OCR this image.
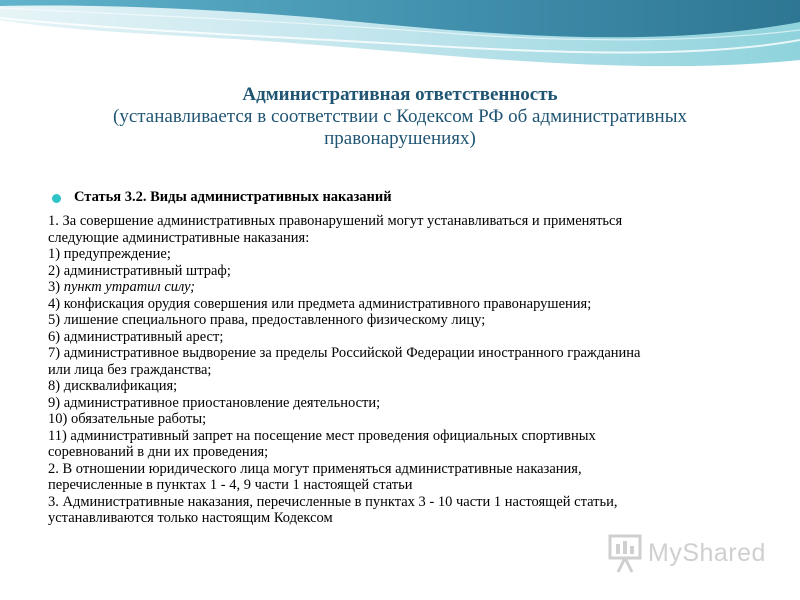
Административная ответственность
(устанавливается в соответствии с Кодексом РФ об административных
правонарушениях)
Статья 3.2. Виды административных наказаний
1. За совершение административных правонарушений могут устанавливаться и применяться
следующие административные наказания:
1) предупреждение;
2) административный штраф;
3) пункт утратил силу;
4) конфискация орудия совершения или предмета административного правонарушения;
5) лишение специального права, предоставленного физическому лицу;
6) административный арест;
7) административное выдворение за пределы Российской Федерации иностранного гражданина
или лица без гражданства;
8) дисквалификация;
9) административное приостановление деятельности;
10) обязательные работы;
11) административный запрет на посещение мест проведения официальных спортивных
соревнований в дни их проведения;
2. В отношении юридического лица могут применяться административные наказания,
перечисленные в пунктах 1 - 4, 9 части 1 настоящей статьи
3. Административные наказания, перечисленные в пунктах 3 - 10 части 1 настоящей статьи,
устанавливаются только настоящим Кодексом
MyShared
